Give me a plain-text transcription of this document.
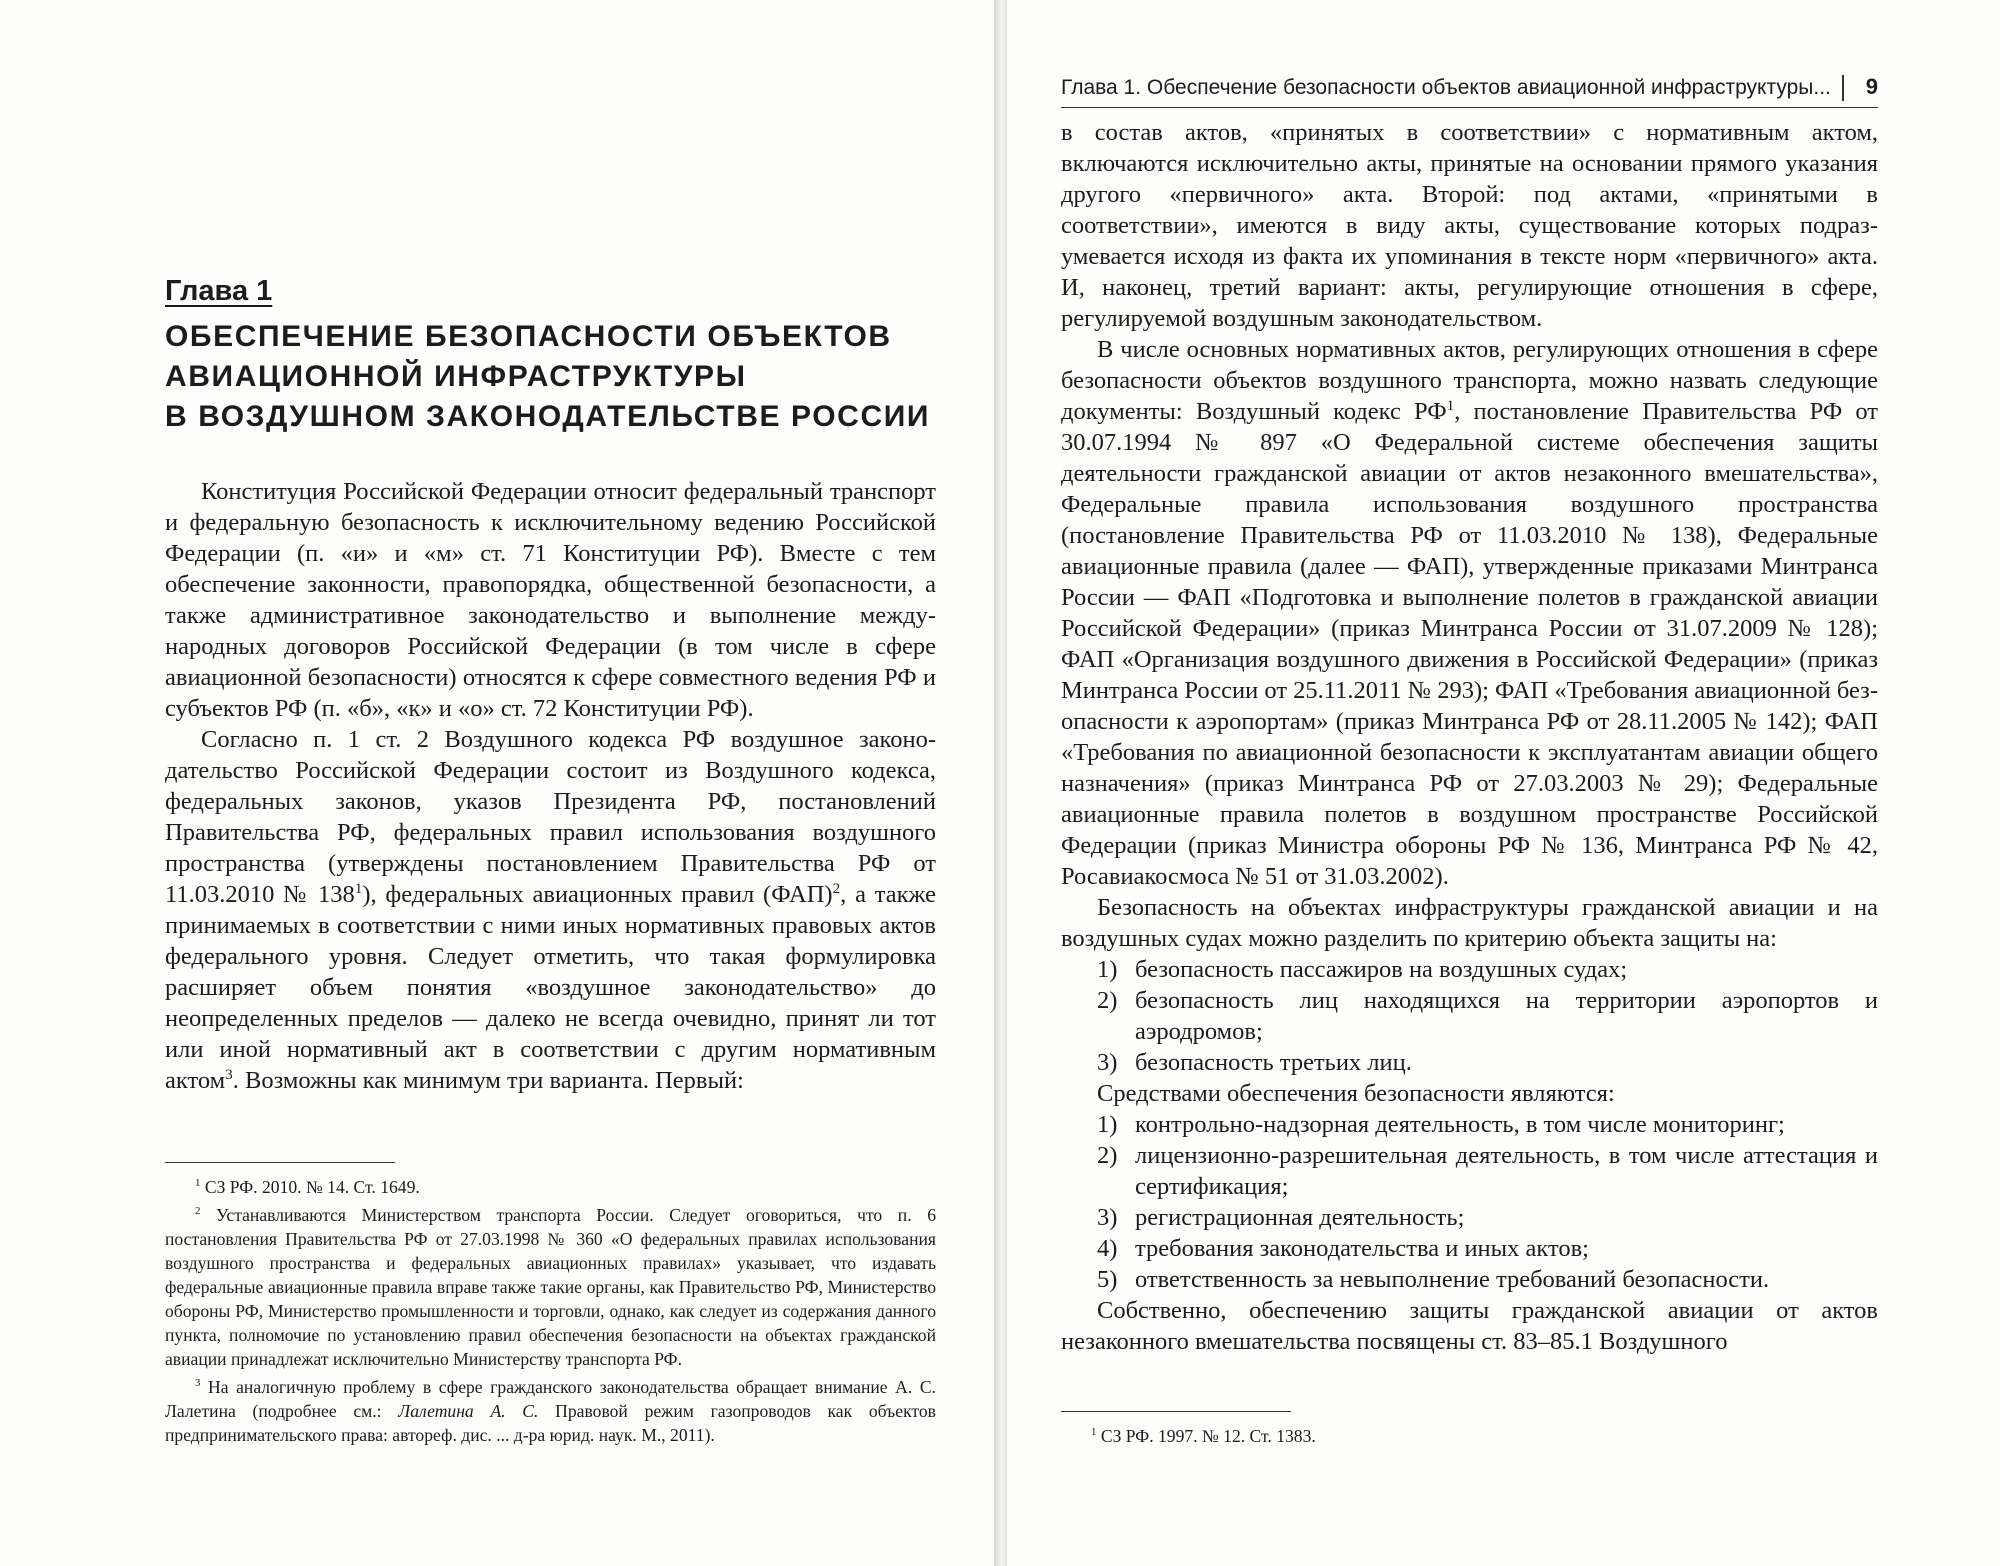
Глава 1
ОБЕСПЕЧЕНИЕ БЕЗОПАСНОСТИ ОБЪЕКТОВ
АВИАЦИОННОЙ ИНФРАСТРУКТУРЫ
В ВОЗДУШНОМ ЗАКОНОДАТЕЛЬСТВЕ РОССИИ

Конституция Российской Федерации относит федеральный транспорт и федеральную безопасность к исключительному ведению Российской Федерации (п. «и» и «м» ст. 71 Конституции РФ). Вместе с тем обеспечение законности, правопорядка, общественной безопасности, а также административное законодательство и выполнение международных договоров Российской Федерации (в том числе в сфере авиационной безопасности) относятся к сфере совместного ведения РФ и субъектов РФ (п. «б», «к» и «о» ст. 72 Конституции РФ).

Согласно п. 1 ст. 2 Воздушного кодекса РФ воздушное законодательство Российской Федерации состоит из Воздушного кодекса, федеральных законов, указов Президента РФ, постановлений Правительства РФ, федеральных правил использования воздушного пространства (утверждены постановлением Правительства РФ от 11.03.2010 № $138^1$), федеральных авиационных правил (ФАП)$^2$, а также принимаемых в соответствии с ними иных нормативных правовых актов федерального уровня. Следует отметить, что такая формулировка расширяет объем понятия «воздушное законодательство» до неопределенных пределов — далеко не всегда очевидно, принят ли тот или иной нормативный акт в соответствии с другим нормативным актом$^3$. Возможны как минимум три варианта. Первый:

$^1$ СЗ РФ. 2010. № 14. Ст. 1649.

$^2$ Устанавливаются Министерством транспорта России. Следует оговориться, что п. 6 постановления Правительства РФ от 27.03.1998 № 360 «О федеральных правилах использования воздушного пространства и федеральных авиационных правилах» указывает, что издавать федеральные авиационные правила вправе также такие органы, как Правительство РФ, Министерство обороны РФ, Министерство промышленности и торговли, однако, как следует из содержания данного пункта, полномочие по установлению правил обеспечения безопасности на объектах гражданской авиации принадлежат исключительно Министерству транспорта РФ.

$^3$ На аналогичную проблему в сфере гражданского законодательства обращает внимание А. С. Лалетина (подробнее см.: Лалетина А. С. Правовой режим газопроводов как объектов предпринимательского права: автореф. дис. ... д-ра юрид. наук. М., 2011).

Глава 1. Обеспечение безопасности объектов авиационной инфраструктуры...	9

в состав актов, «принятых в соответствии» с нормативным актом, включаются исключительно акты, принятые на основании прямого указания другого «первичного» акта. Второй: под актами, «принятыми в соответствии», имеются в виду акты, существование которых подразумевается исходя из факта их упоминания в тексте норм «первичного» акта. И, наконец, третий вариант: акты, регулирующие отношения в сфере, регулируемой воздушным законодательством.

В числе основных нормативных актов, регулирующих отношения в сфере безопасности объектов воздушного транспорта, можно назвать следующие документы: Воздушный кодекс $РФ^1$, постановление Правительства РФ от 30.07.1994 № 897 «О Федеральной системе обеспечения защиты деятельности гражданской авиации от актов незаконного вмешательства», Федеральные правила использования воздушного пространства (постановление Правительства РФ от 11.03.2010 № 138), Федеральные авиационные правила (далее — ФАП), утвержденные приказами Минтранса России — ФАП «Подготовка и выполнение полетов в гражданской авиации Российской Федерации» (приказ Минтранса России от 31.07.2009 № 128); ФАП «Организация воздушного движения в Российской Федерации» (приказ Минтранса России от 25.11.2011 № 293); ФАП «Требования авиационной безопасности к аэропортам» (приказ Минтранса РФ от 28.11.2005 № 142); ФАП «Требования по авиационной безопасности к эксплуатантам авиации общего назначения» (приказ Минтранса РФ от 27.03.2003 № 29); Федеральные авиационные правила полетов в воздушном пространстве Российской Федерации (приказ Министра обороны РФ № 136, Минтранса РФ № 42, Росавиакосмоса № 51 от 31.03.2002).

Безопасность на объектах инфраструктуры гражданской авиации и на воздушных судах можно разделить по критерию объекта защиты на:

1) безопасность пассажиров на воздушных судах;
2) безопасность лиц находящихся на территории аэропортов и аэродромов;
3) безопасность третьих лиц.

Средствами обеспечения безопасности являются:

1) контрольно-надзорная деятельность, в том числе мониторинг;
2) лицензионно-разрешительная деятельность, в том числе аттестация и сертификация;
3) регистрационная деятельность;
4) требования законодательства и иных актов;
5) ответственность за невыполнение требований безопасности.

Собственно, обеспечению защиты гражданской авиации от актов незаконного вмешательства посвящены ст. 83–85.1 Воздушного

$^1$ СЗ РФ. 1997. № 12. Ст. 1383.
